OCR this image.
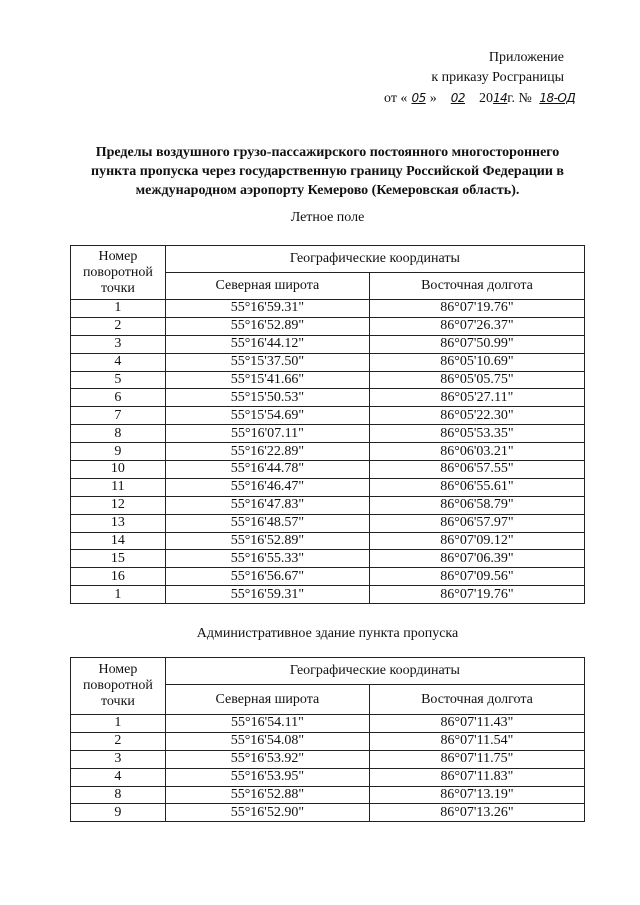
Приложение
к приказу Росграницы
от « 05 » 02 2014г. № 18-ОД
Пределы воздушного грузо-пассажирского постоянного многостороннего
пункта пропуска через государственную границу Российской Федерации в
международном аэропорту Кемерово (Кемеровская область).
Летное поле
Номер
поворотной
точки	Географические координаты	
	Северная широта	Восточная долгота
1	55°16'59.31"	86°07'19.76"
2	55°16'52.89"	86°07'26.37"
3	55°16'44.12"	86°07'50.99"
4	55°15'37.50"	86°05'10.69"
5	55°15'41.66"	86°05'05.75"
6	55°15'50.53"	86°05'27.11"
7	55°15'54.69"	86°05'22.30"
8	55°16'07.11"	86°05'53.35"
9	55°16'22.89"	86°06'03.21"
10	55°16'44.78"	86°06'57.55"
11	55°16'46.47"	86°06'55.61"
12	55°16'47.83"	86°06'58.79"
13	55°16'48.57"	86°06'57.97"
14	55°16'52.89"	86°07'09.12"
15	55°16'55.33"	86°07'06.39"
16	55°16'56.67"	86°07'09.56"
1	55°16'59.31"	86°07'19.76"
Административное здание пункта пропуска
Номер
поворотной
точки	Географические координаты	
	Северная широта	Восточная долгота
1	55°16'54.11"	86°07'11.43"
2	55°16'54.08"	86°07'11.54"
3	55°16'53.92"	86°07'11.75"
4	55°16'53.95"	86°07'11.83"
8	55°16'52.88"	86°07'13.19"
9	55°16'52.90"	86°07'13.26"
